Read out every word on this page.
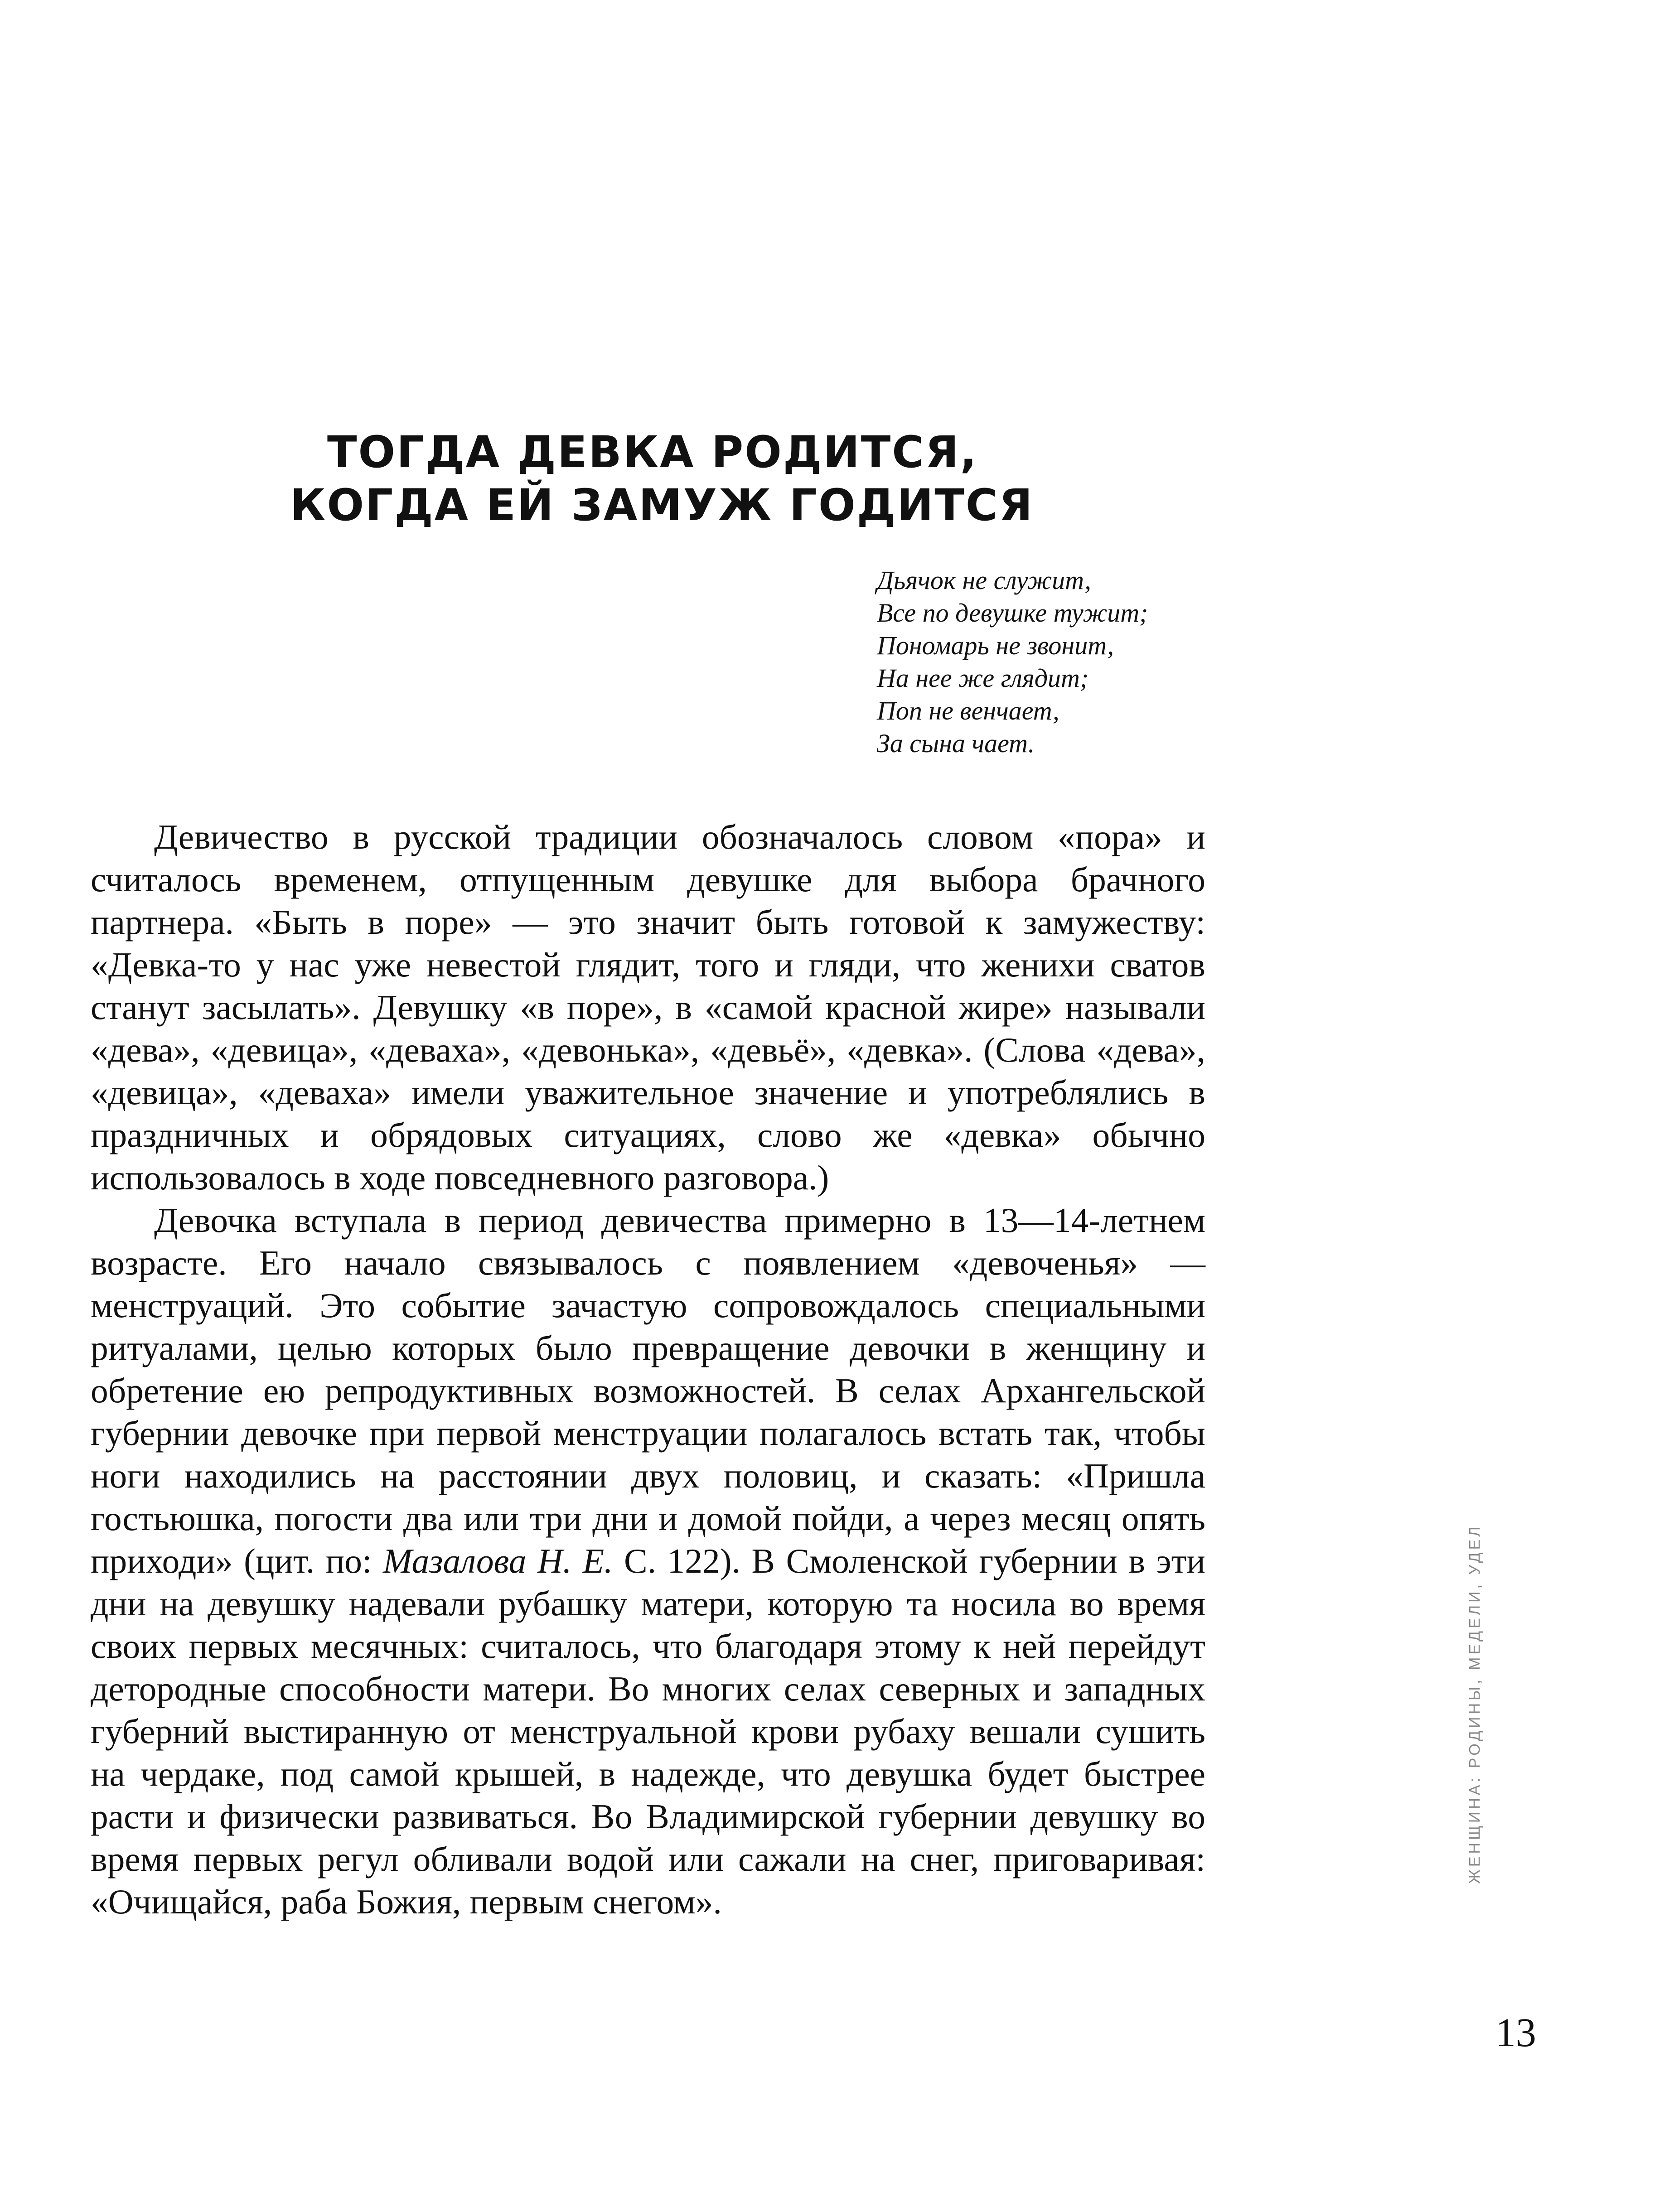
ТОГДА ДЕВКА РОДИТСЯ,
КОГДА ЕЙ ЗАМУЖ ГОДИТСЯ
Дьячок не служит,
Все по девушке тужит;
Пономарь не звонит,
На нее же глядит;
Поп не венчает,
За сына чает.

Девичество в русской традиции обозначалось словом «пора» и считалось временем, отпущенным девушке для выбора брачного партнера. «Быть в поре» — это значит быть готовой к замужеству: «Девка-то у нас уже невестой глядит, того и гляди, что женихи сватов станут засылать». Девушку «в поре», в «самой красной жире» называли «дева», «девица», «деваха», «девонька», «девьё», «девка». (Слова «дева», «девица», «деваха» имели уважительное значение и употреблялись в праздничных и обрядовых ситуациях, слово же «девка» обычно использовалось в ходе повседневного разговора.)

Девочка вступала в период девичества примерно в 13—14-летнем возрасте. Его начало связывалось с появлением «девоченья» — менструаций. Это событие зачастую сопровождалось специальными ритуалами, целью которых было превращение девочки в женщину и обретение ею репродуктивных возможностей. В селах Архангельской губернии девочке при первой менструации полагалось встать так, чтобы ноги находились на расстоянии двух половиц, и сказать: «Пришла гостьюшка, погости два или три дни и домой пойди, а через месяц опять приходи» (цит. по: Мазалова Н. Е. С. 122). В Смоленской губернии в эти дни на девушку надевали рубашку матери, которую та носила во время своих первых месячных: считалось, что благодаря этому к ней перейдут детородные способности матери. Во многих селах северных и западных губерний выстиранную от менструальной крови рубаху вешали сушить на чердаке, под самой крышей, в надежде, что девушка будет быстрее расти и физически развиваться. Во Владимирской губернии девушку во время первых регул обливали водой или сажали на снег, приговаривая: «Очищайся, раба Божия, первым снегом».

ЖЕНЩИНА: РОДИНЫ, МЕДЕЛИ, УДЕЛ
13
